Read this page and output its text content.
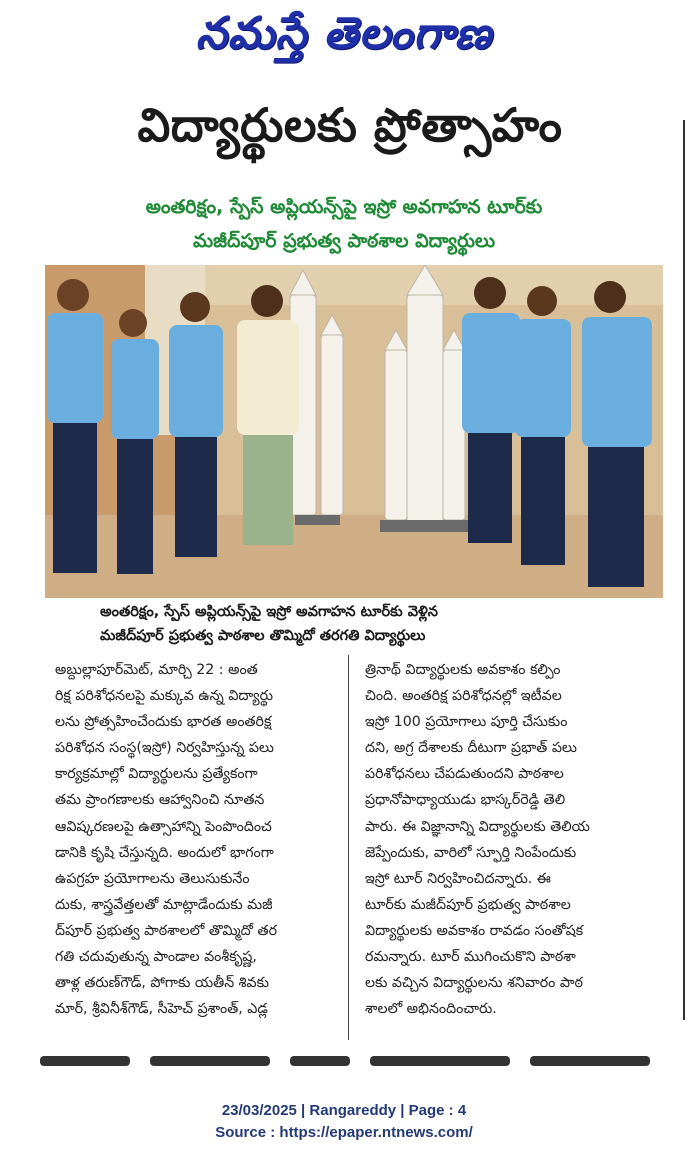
నమస్తే తెలంగాణ
విద్యార్థులకు ప్రోత్సాహం
అంతరిక్షం, స్పేస్ అప్లియన్స్‌పై ఇస్రో అవగాహన టూర్‌కు
మజీద్‌పూర్ ప్రభుత్వ పాఠశాల విద్యార్థులు
అంతరిక్షం, స్పేస్ అప్లియన్స్‌పై ఇస్రో అవగాహన టూర్‌కు వెళ్లిన
మజీద్‌పూర్ ప్రభుత్వ పాఠశాల తొమ్మిదో తరగతి విద్యార్థులు

అబ్దుల్లాపూర్‌మెట్, మార్చి 22 : అంత
రిక్ష పరిశోధనలపై మక్కువ ఉన్న విద్యార్థు
లను ప్రోత్సహించేందుకు భారత అంతరిక్ష
పరిశోధన సంస్థ(ఇస్రో) నిర్వహిస్తున్న పలు
కార్యక్రమాల్లో విద్యార్థులను ప్రత్యేకంగా
తమ ప్రాంగణాలకు ఆహ్వానించి నూతన
ఆవిష్కరణలపై ఉత్సాహాన్ని పెంపొందించ
డానికి కృషి చేస్తున్నది. అందులో భాగంగా
ఉపగ్రహ ప్రయోగాలను తెలుసుకునేం
దుకు, శాస్త్రవేత్తలతో మాట్లాడేందుకు మజీ
ద్‌పూర్ ప్రభుత్వ పాఠశాలలో తొమ్మిదో తర
గతి చదువుతున్న పాండాల వంశీకృష్ణ,
తాళ్ల తరుణ్‌గౌడ్, పోగాకు యతీన్ శివకు
మార్, శ్రీవినీశ్‌గౌడ్, సీహెచ్ ప్రశాంత్, ఎడ్ల

త్రినాథ్ విద్యార్థులకు అవకాశం కల్పిం
చింది. అంతరిక్ష పరిశోధనల్లో ఇటీవల
ఇస్రో 100 ప్రయోగాలు పూర్తి చేసుకుం
దని, అగ్ర దేశాలకు దీటుగా ప్రభాత్ పలు
పరిశోధనలు చేపడుతుందని పాఠశాల
ప్రధానోపాధ్యాయుడు భాస్కర్‌రెడ్డి తెలి
పారు. ఈ విజ్ఞానాన్ని విద్యార్థులకు తెలియ
జెప్పేందుకు, వారిలో స్ఫూర్తి నింపేందుకు
ఇస్రో టూర్ నిర్వహించిదన్నారు. ఈ
టూర్‌కు మజీద్‌పూర్ ప్రభుత్వ పాఠశాల
విద్యార్థులకు అవకాశం రావడం సంతోషక
రమన్నారు. టూర్ ముగించుకొని పాఠశా
లకు వచ్చిన విద్యార్థులను శనివారం పాఠ
శాలలో అభినందించారు.

23/03/2025 | Rangareddy | Page : 4
Source : https://epaper.ntnews.com/
